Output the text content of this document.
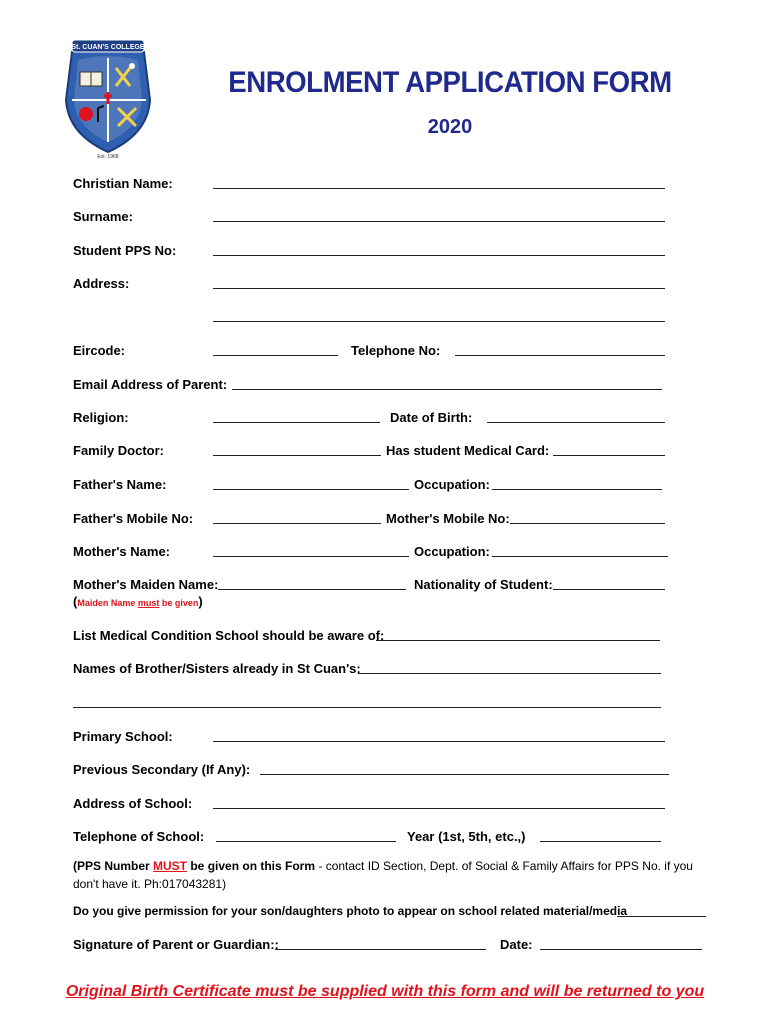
St. CUAN'S COLLEGE
Est. 1968
ENROLMENT APPLICATION FORM
2020
Christian Name:
Surname:
Student PPS No:
Address:
Eircode:	Telephone No:
Email Address of Parent:
Religion:	Date of Birth:
Family Doctor:	Has student Medical Card:
Father's Name:	Occupation:
Father's Mobile No:	Mother's Mobile No:
Mother's Name:	Occupation:
Mother's Maiden Name:	Nationality of Student:
(Maiden Name must be given)
List Medical Condition School should be aware of:
Names of Brother/Sisters already in St Cuan's:
Primary School:
Previous Secondary (If Any):
Address of School:
Telephone of School:	Year (1st, 5th, etc.,)
(PPS Number MUST be given on this Form - contact ID Section, Dept. of Social & Family Affairs for PPS No. if you don't have it. Ph:017043281)
Do you give permission for your son/daughters photo to appear on school related material/media
Signature of Parent or Guardian::	Date:
Original Birth Certificate must be supplied with this form and will be returned to you
